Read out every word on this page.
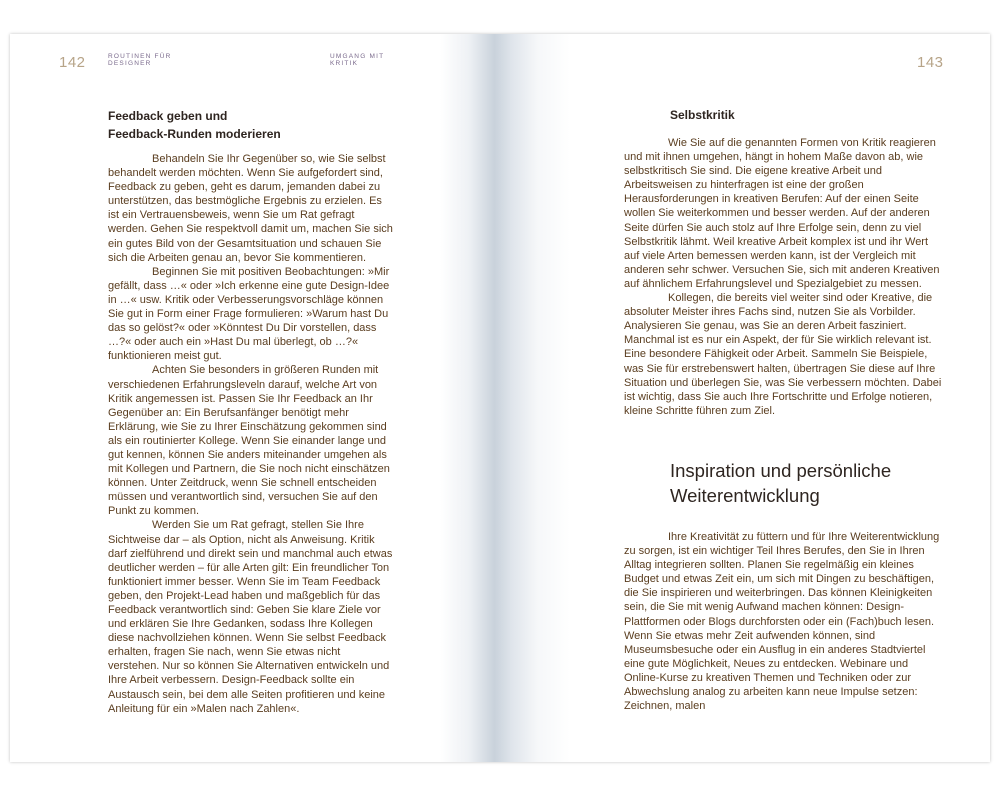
142	ROUTINEN FÜR
DESIGNER
Feedback geben und
Feedback-Runden moderieren

Behandeln Sie Ihr Gegenüber so, wie Sie selbst behandelt werden möchten. Wenn Sie aufgefordert sind, Feedback zu geben, geht es darum, jemanden dabei zu unterstützen, das bestmögliche Ergebnis zu erzielen. Es ist ein Vertrauensbeweis, wenn Sie um Rat gefragt werden. Gehen Sie respektvoll damit um, machen Sie sich ein gutes Bild von der Gesamtsituation und schauen Sie sich die Arbeiten genau an, bevor Sie kommentieren.

Beginnen Sie mit positiven Beobachtungen: »Mir gefällt, dass …« oder »Ich erkenne eine gute Design-Idee in …« usw. Kritik oder Verbesserungsvorschläge können Sie gut in Form einer Frage formulieren: »Warum hast Du das so gelöst?« oder »Könntest Du Dir vorstellen, dass …?« oder auch ein »Hast Du mal überlegt, ob …?« funktionieren meist gut.

Achten Sie besonders in größeren Runden mit verschiedenen Erfahrungsleveln darauf, welche Art von Kritik angemessen ist. Passen Sie Ihr Feedback an Ihr Gegenüber an: Ein Berufsanfänger benötigt mehr Erklärung, wie Sie zu Ihrer Einschätzung gekommen sind als ein routinierter Kollege. Wenn Sie einander lange und gut kennen, können Sie anders miteinander umgehen als mit Kollegen und Partnern, die Sie noch nicht einschätzen können. Unter Zeitdruck, wenn Sie schnell entscheiden müssen und verantwortlich sind, versuchen Sie auf den Punkt zu kommen.

Werden Sie um Rat gefragt, stellen Sie Ihre Sichtweise dar – als Option, nicht als Anweisung. Kritik darf zielführend und direkt sein und manchmal auch etwas deutlicher werden – für alle Arten gilt: Ein freundlicher Ton funktioniert immer besser. Wenn Sie im Team Feedback geben, den Projekt-Lead haben und maßgeblich für das Feedback verantwortlich sind: Geben Sie klare Ziele vor und erklären Sie Ihre Gedanken, sodass Ihre Kollegen diese nachvollziehen können. Wenn Sie selbst Feedback erhalten, fragen Sie nach, wenn Sie etwas nicht verstehen. Nur so können Sie Alternativen entwickeln und Ihre Arbeit verbessern. Design-Feedback sollte ein Austausch sein, bei dem alle Seiten profitieren und keine Anleitung für ein »Malen nach Zahlen«.

UMGANG MIT
KRITIK	143
Selbstkritik

Wie Sie auf die genannten Formen von Kritik reagieren und mit ihnen umgehen, hängt in hohem Maße davon ab, wie selbstkritisch Sie sind. Die eigene kreative Arbeit und Arbeitsweisen zu hinterfragen ist eine der großen Herausforderungen in kreativen Berufen: Auf der einen Seite wollen Sie weiterkommen und besser werden. Auf der anderen Seite dürfen Sie auch stolz auf Ihre Erfolge sein, denn zu viel Selbstkritik lähmt. Weil kreative Arbeit komplex ist und ihr Wert auf viele Arten bemessen werden kann, ist der Vergleich mit anderen sehr schwer. Versuchen Sie, sich mit anderen Kreativen auf ähnlichem Erfahrungslevel und Spezialgebiet zu messen.

Kollegen, die bereits viel weiter sind oder Kreative, die absoluter Meister ihres Fachs sind, nutzen Sie als Vorbilder. Analysieren Sie genau, was Sie an deren Arbeit fasziniert. Manchmal ist es nur ein Aspekt, der für Sie wirklich relevant ist. Eine besondere Fähigkeit oder Arbeit. Sammeln Sie Beispiele, was Sie für erstrebenswert halten, übertragen Sie diese auf Ihre Situation und überlegen Sie, was Sie verbessern möchten. Dabei ist wichtig, dass Sie auch Ihre Fortschritte und Erfolge notieren, kleine Schritte führen zum Ziel.

Inspiration und persönliche
Weiterentwicklung

Ihre Kreativität zu füttern und für Ihre Weiterentwicklung zu sorgen, ist ein wichtiger Teil Ihres Berufes, den Sie in Ihren Alltag integrieren sollten. Planen Sie regelmäßig ein kleines Budget und etwas Zeit ein, um sich mit Dingen zu beschäftigen, die Sie inspirieren und weiterbringen. Das können Kleinigkeiten sein, die Sie mit wenig Aufwand machen können: Design-Plattformen oder Blogs durchforsten oder ein (Fach)buch lesen. Wenn Sie etwas mehr Zeit aufwenden können, sind Museumsbesuche oder ein Ausflug in ein anderes Stadtviertel eine gute Möglichkeit, Neues zu entdecken. Webinare und Online-Kurse zu kreativen Themen und Techniken oder zur Abwechslung analog zu arbeiten kann neue Impulse setzen: Zeichnen, malen
